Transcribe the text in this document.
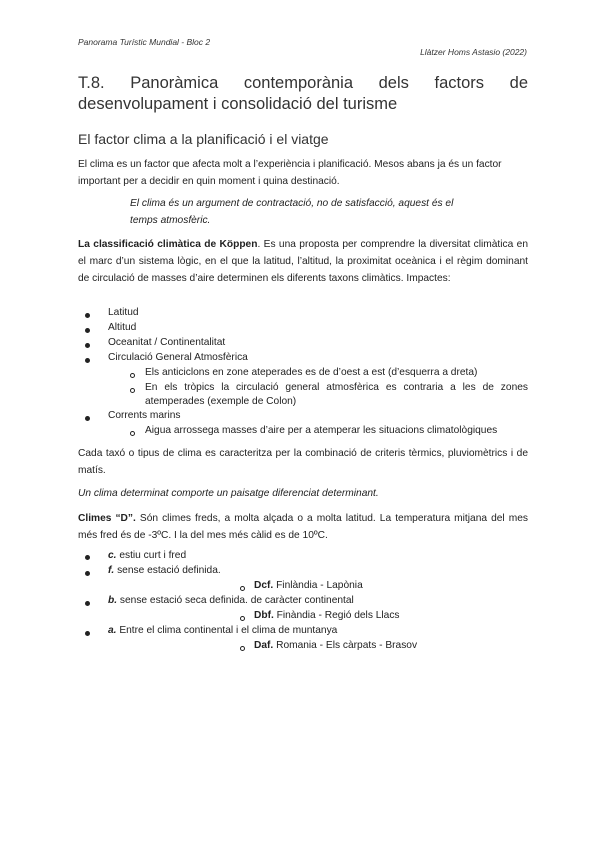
Panorama Turístic Mundial - Bloc 2
Llàtzer Homs Astasio (2022)
T.8. Panoràmica contemporània dels factors de
desenvolupament i consolidació del turisme
El factor clima a la planificació i el viatge
El clima es un factor que afecta molt a l’experiència i planificació. Mesos abans ja és un factor important per a decidir en quin moment i quina destinació.
El clima és un argument de contractació, no de satisfacció, aquest és el temps atmosfèric.
La classificació climàtica de Köppen. Es una proposta per comprendre la diversitat climàtica en el marc d’un sistema lògic, en el que la latitud, l’altitud, la proximitat oceànica i el règim dominant de circulació de masses d’aire determinen els diferents taxons climàtics. Impactes:
Latitud
Altitud
Oceanitat / Continentalitat
Circulació General Atmosfèrica
Els anticiclons en zone ateperades es de d’oest a est (d’esquerra a dreta)
En els tròpics la circulació general atmosfèrica es contraria a les de zones
atemperades (exemple de Colon)
Corrents marins
Aigua arrossega masses d’aire per a atemperar les situacions climatològiques
Cada taxó o tipus de clima es caracteritza per la combinació de criteris tèrmics, pluviomètrics i de matís.
Un clima determinat comporte un paisatge diferenciat determinant.
Climes “D”. Són climes freds, a molta alçada o a molta latitud. La temperatura mitjana del mes més fred és de -3ºC. I la del mes més càlid es de 10ºC.
c. estiu curt i fred
f. sense estació definida.
Dcf. Finlàndia - Lapònia
b. sense estació seca definida. de caràcter continental
Dbf. Finàndia - Regió dels Llacs
a. Entre el clima continental i el clima de muntanya
Daf. Romania - Els càrpats - Brasov
